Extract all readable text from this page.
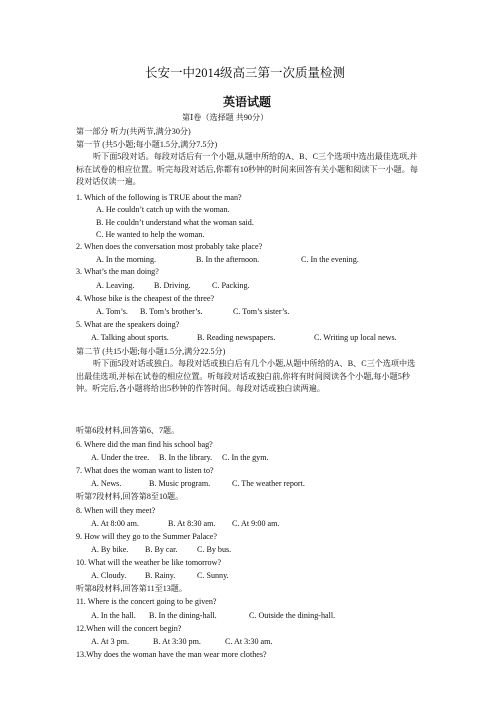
长安一中2014级高三第一次质量检测
英语试题
第Ⅰ卷（选择题 共90分）
第一部分 听力(共两节,满分30分)
第一节 (共5小题;每小题1.5分,满分7.5分)
听下面5段对话。每段对话后有一个小题,从题中所给的A、B、C三个选项中选出最佳选项,并标在试卷的相应位置。听完每段对话后,你都有10秒钟的时间来回答有关小题和阅读下一小题。每段对话仅读一遍。
1. Which of the following is TRUE about the man?
A. He couldn’t catch up with the woman.
B. He couldn’t understand what the woman said.
C. He wanted to help the woman.
2. When does the conversation most probably take place?
A. In the morning.	B. In the afternoon.	C. In the evening.
3. What’s the man doing?
A. Leaving. B. Driving.	C. Packing.
4. Whose bike is the cheapest of the three?
A. Tom’s. B. Tom’s brother’s.	C. Tom’s sister’s.
5. What are the speakers doing?
A. Talking about sports.	B. Reading newspapers.	C. Writing up local news.
第二节 (共15小题;每小题1.5分,满分22.5分)
听下面5段对话或独白。每段对话或独白后有几个小题,从题中所给的A、B、C三个选项中选出最佳选项,并标在试卷的相应位置。听每段对话或独白前,你将有时间阅读各个小题,每小题5秒钟。听完后,各小题将给出5秒钟的作答时间。每段对话或独白读两遍。
听第6段材料,回答第6、7题。
6. Where did the man find his school bag?
A. Under the tree. B. In the library. C. In the gym.
7. What does the woman want to listen to?
A. News.	B. Music program.	C. The weather report.
听第7段材料,回答第8至10题。
8. When will they meet?
A. At 8:00 am.	B. At 8:30 am. C. At 9:00 am.
9. How will they go to the Summer Palace?
A. By bike. B. By car. C. By bus.
10. What will the weather be like tomorrow?
A. Cloudy. B. Rainy.	C. Sunny.
听第8段材料,回答第11至13题。
11. Where is the concert going to be given?
A. In the hall. B. In the dining-hall.	C. Outside the dining-hall.
12.When will the concert begin?
A. At 3 pm.	B. At 3:30 pm.	C. At 3:30 am.
13.Why does the woman have the man wear more clothes?
